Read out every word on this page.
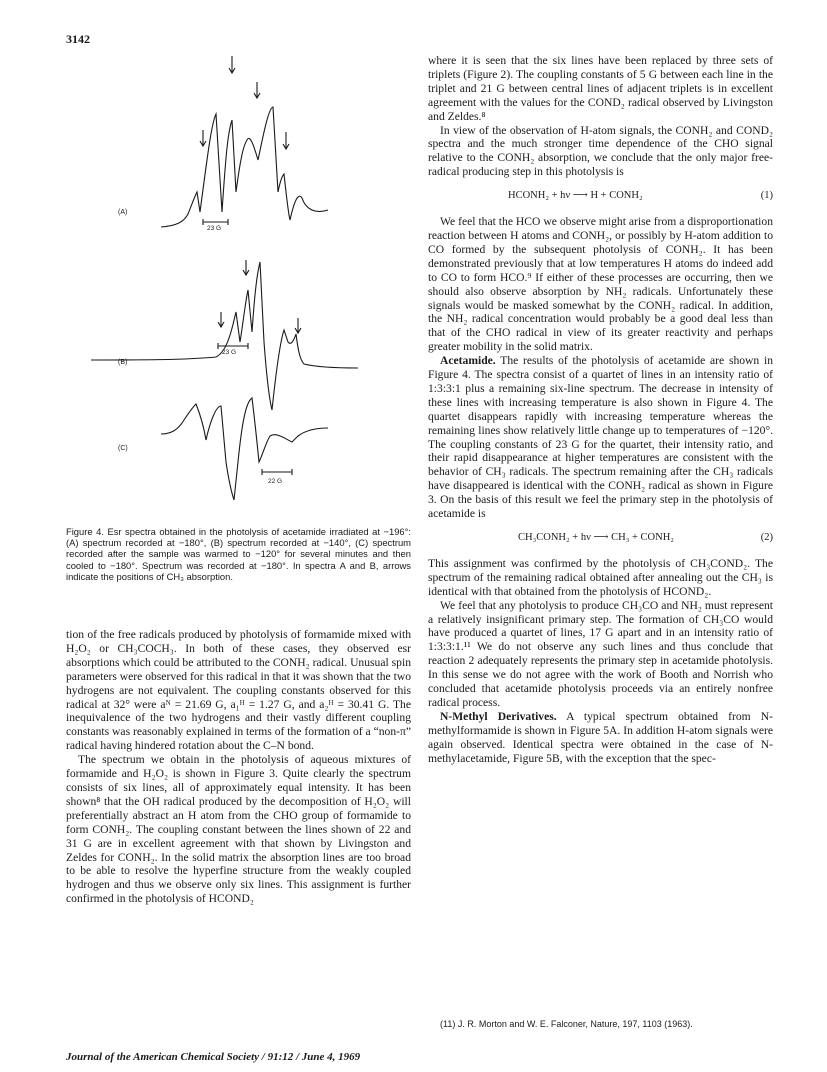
3142
(A)
23 G
(B)
23 G
(C)
22 G
Figure 4. Esr spectra obtained in the photolysis of acetamide irradiated at −196°: (A) spectrum recorded at −180°, (B) spectrum recorded at −140°, (C) spectrum recorded after the sample was warmed to −120° for several minutes and then cooled to −180°. Spectrum was recorded at −180°. In spectra A and B, arrows indicate the positions of CH₃ absorption.

tion of the free radicals produced by photolysis of formamide mixed with H₂O₂ or CH₃COCH₃. In both of these cases, they observed esr absorptions which could be attributed to the CONH₂ radical. Unusual spin parameters were observed for this radical in that it was shown that the two hydrogens are not equivalent. The coupling constants observed for this radical at 32° were aᴺ = 21.69 G, a₁ᴴ = 1.27 G, and a₂ᴴ = 30.41 G. The inequivalence of the two hydrogens and their vastly different coupling constants was reasonably explained in terms of the formation of a “non-π” radical having hindered rotation about the C–N bond.

The spectrum we obtain in the photolysis of aqueous mixtures of formamide and H₂O₂ is shown in Figure 3. Quite clearly the spectrum consists of six lines, all of approximately equal intensity. It has been shown⁸ that the OH radical produced by the decomposition of H₂O₂ will preferentially abstract an H atom from the CHO group of formamide to form CONH₂. The coupling constant between the lines shown of 22 and 31 G are in excellent agreement with that shown by Livingston and Zeldes for CONH₂. In the solid matrix the absorption lines are too broad to be able to resolve the hyperfine structure from the weakly coupled hydrogen and thus we observe only six lines. This assignment is further confirmed in the photolysis of HCOND₂

where it is seen that the six lines have been replaced by three sets of triplets (Figure 2). The coupling constants of 5 G between each line in the triplet and 21 G between central lines of adjacent triplets is in excellent agreement with the values for the COND₂ radical observed by Livingston and Zeldes.⁸

In view of the observation of H-atom signals, the CONH₂ and COND₂ spectra and the much stronger time dependence of the CHO signal relative to the CONH₂ absorption, we conclude that the only major free-radical producing step in this photolysis is

HCONH₂ + hν ⟶ H + CONH₂	(1)

We feel that the HCO we observe might arise from a disproportionation reaction between H atoms and CONH₂, or possibly by H-atom addition to CO formed by the subsequent photolysis of CONH₂. It has been demonstrated previously that at low temperatures H atoms do indeed add to CO to form HCO.⁹ If either of these processes are occurring, then we should also observe absorption by NH₂ radicals. Unfortunately these signals would be masked somewhat by the CONH₂ radical. In addition, the NH₂ radical concentration would probably be a good deal less than that of the CHO radical in view of its greater reactivity and perhaps greater mobility in the solid matrix.

Acetamide. The results of the photolysis of acetamide are shown in Figure 4. The spectra consist of a quartet of lines in an intensity ratio of 1:3:3:1 plus a remaining six-line spectrum. The decrease in intensity of these lines with increasing temperature is also shown in Figure 4. The quartet disappears rapidly with increasing temperature whereas the remaining lines show relatively little change up to temperatures of −120°. The coupling constants of 23 G for the quartet, their intensity ratio, and their rapid disappearance at higher temperatures are consistent with the behavior of CH₃ radicals. The spectrum remaining after the CH₃ radicals have disappeared is identical with the CONH₂ radical as shown in Figure 3. On the basis of this result we feel the primary step in the photolysis of acetamide is

CH₃CONH₂ + hν ⟶ CH₃ + CONH₂	(2)

This assignment was confirmed by the photolysis of CH₃COND₂. The spectrum of the remaining radical obtained after annealing out the CH₃ is identical with that obtained from the photolysis of HCOND₂.

We feel that any photolysis to produce CH₃CO and NH₂ must represent a relatively insignificant primary step. The formation of CH₃CO would have produced a quartet of lines, 17 G apart and in an intensity ratio of 1:3:3:1.¹¹ We do not observe any such lines and thus conclude that reaction 2 adequately represents the primary step in acetamide photolysis. In this sense we do not agree with the work of Booth and Norrish who concluded that acetamide photolysis proceeds via an entirely nonfree radical process.

N-Methyl Derivatives. A typical spectrum obtained from N-methylformamide is shown in Figure 5A. In addition H-atom signals were again observed. Identical spectra were obtained in the case of N-methylacetamide, Figure 5B, with the exception that the spec-

(11) J. R. Morton and W. E. Falconer, Nature, 197, 1103 (1963).
Journal of the American Chemical Society / 91:12 / June 4, 1969
